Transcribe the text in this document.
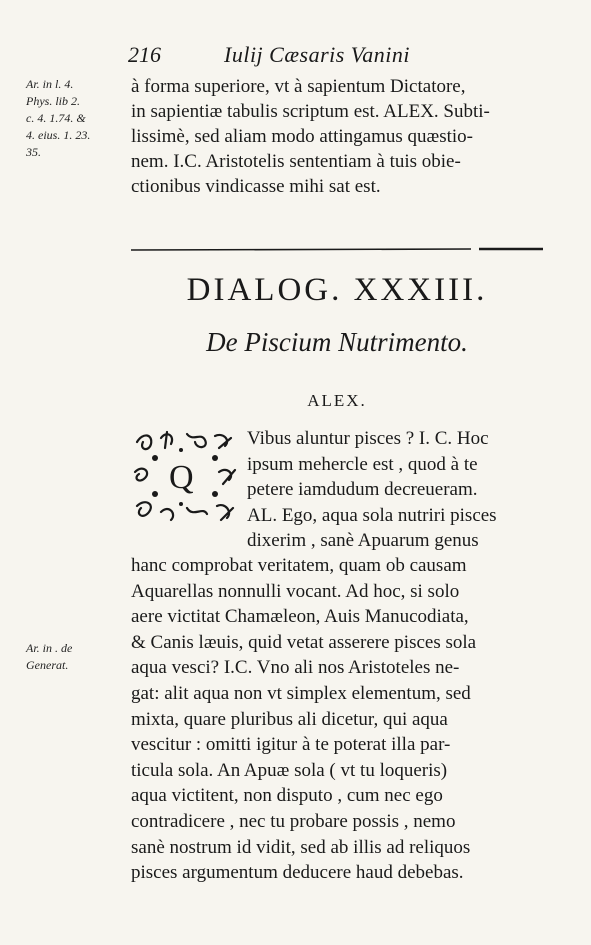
216	Iulij Cæsaris Vanini
Ar. in l. 4.
Phys. lib 2.
c. 4. 1.74. &
4. eius. 1. 23.
35.
à forma superiore, vt à sapientum Dictatore,
in sapientiæ tabulis scriptum est. ALEX. Subti-
lissimè, sed aliam modo attingamus quæstio-
nem. I.C. Aristotelis sententiam à tuis obie-
ctionibus vindicasse mihi sat est.
DIALOG. XXXIII.
De Piscium Nutrimento.
ALEX.
Q
Vibus aluntur pisces ? I. C. Hoc
ipsum mehercle est , quod à te
petere iamdudum decreueram.
AL. Ego, aqua sola nutriri pisces
dixerim , sanè Apuarum genus
hanc comprobat veritatem, quam ob causam
Aquarellas nonnulli vocant. Ad hoc, si solo
aere victitat Chamæleon, Auis Manucodiata,
& Canis læuis, quid vetat asserere pisces sola
aqua vesci? I.C. Vno ali nos Aristoteles ne-
gat: alit aqua non vt simplex elementum, sed
mixta, quare pluribus ali dicetur, qui aqua
vescitur : omitti igitur à te poterat illa par-
ticula sola. An Apuæ sola ( vt tu loqueris)
aqua victitent, non disputo , cum nec ego
contradicere , nec tu probare possis , nemo
sanè nostrum id vidit, sed ab illis ad reliquos
pisces argumentum deducere haud debebas.
Ar. in . de
Generat.
